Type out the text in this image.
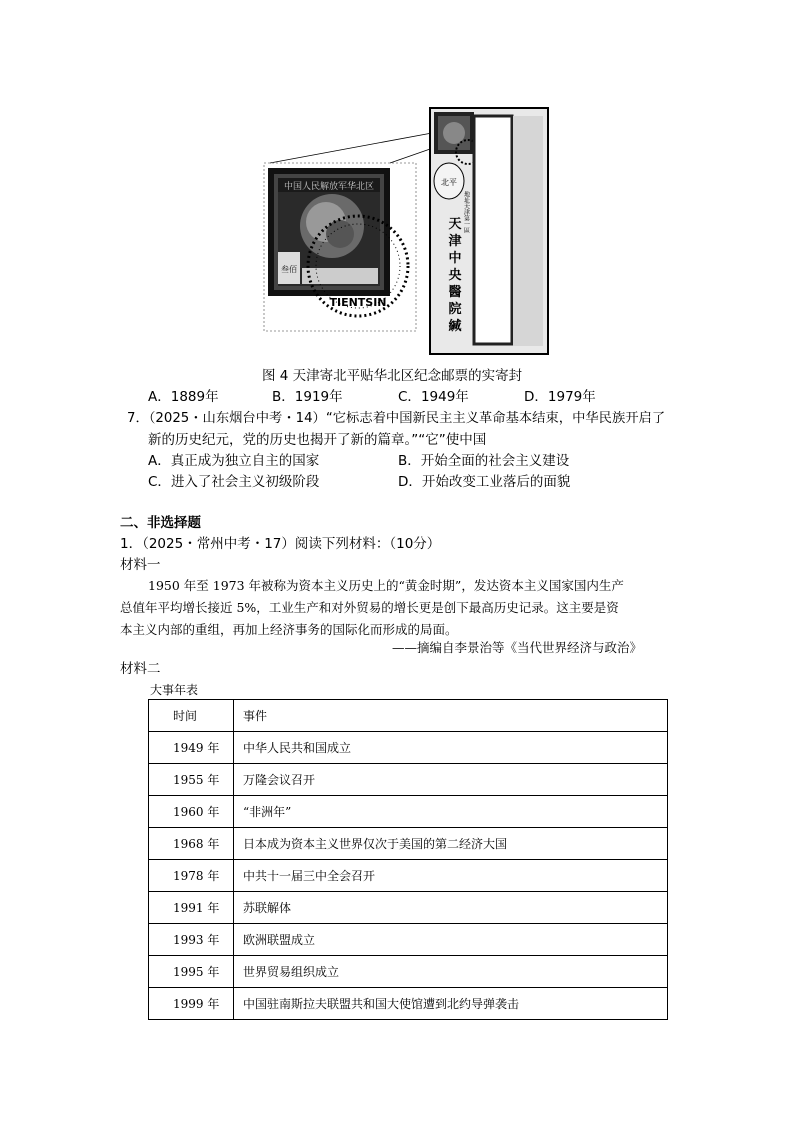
中国人民解放军华北区
叁佰
TIENTSIN
北平
地址天津第一區
天
津
中
央
醫
院
緘
图 4 天津寄北平贴华北区纪念邮票的实寄封
A．1889年	B．1919年	C．1949年	D．1979年
7．（2025・山东烟台中考・14）“它标志着中国新民主主义革命基本结束，中华民族开启了
新的历史纪元，党的历史也揭开了新的篇章。”“它”使中国
A．真正成为独立自主的国家	B．开始全面的社会主义建设
C．进入了社会主义初级阶段	D．开始改变工业落后的面貌
二、非选择题
1．（2025・常州中考・17）阅读下列材料：（10分）
材料一
1950 年至 1973 年被称为资本主义历史上的“黄金时期”，发达资本主义国家国内生产
总值年平均增长接近 5%，工业生产和对外贸易的增长更是创下最高历史记录。这主要是资
本主义内部的重组，再加上经济事务的国际化而形成的局面。
——摘编自李景治等《当代世界经济与政治》
材料二
大事年表
时间	事件
1949 年	中华人民共和国成立
1955 年	万隆会议召开
1960 年	“非洲年”
1968 年	日本成为资本主义世界仅次于美国的第二经济大国
1978 年	中共十一届三中全会召开
1991 年	苏联解体
1993 年	欧洲联盟成立
1995 年	世界贸易组织成立
1999 年	中国驻南斯拉夫联盟共和国大使馆遭到北约导弹袭击
